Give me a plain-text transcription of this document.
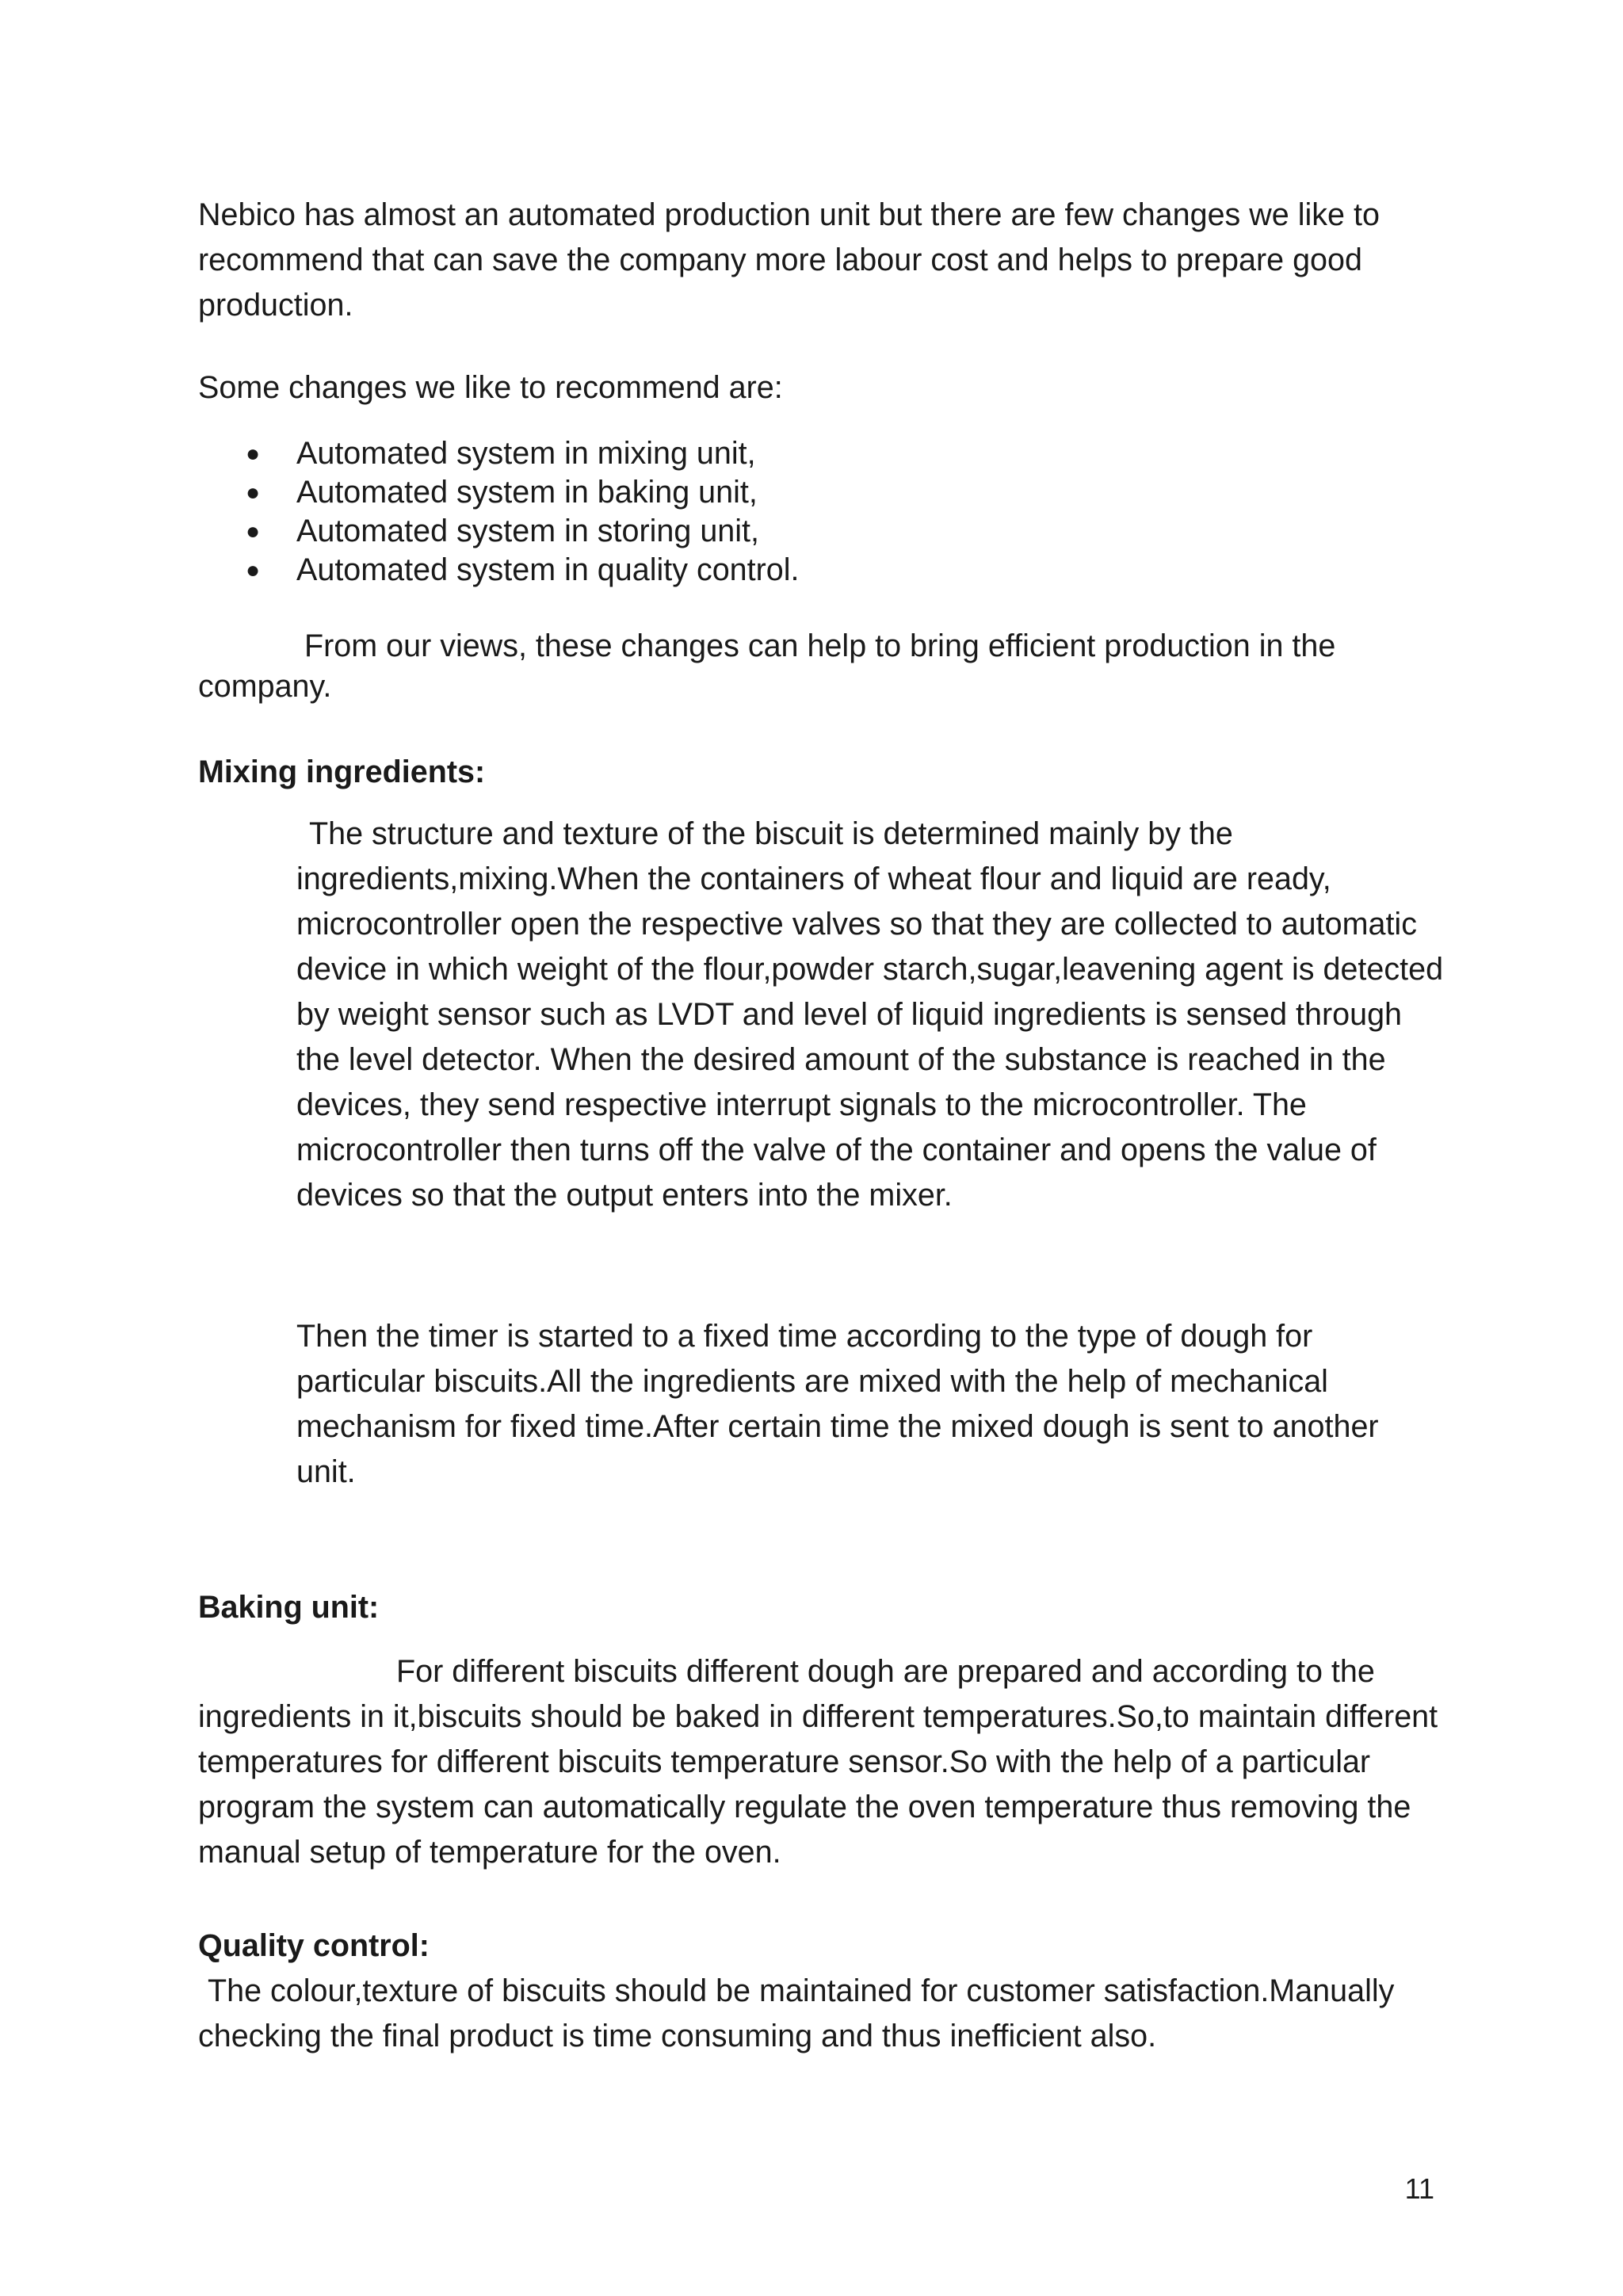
Nebico has almost an automated production unit but there are few changes we like to recommend that can save the company more labour cost and helps to prepare good production.

Some changes we like to recommend are:

● Automated system in mixing unit,
● Automated system in baking unit,
● Automated system in storing unit,
● Automated system in quality control.

From our views, these changes can help to bring efficient production in the company.

Mixing ingredients:

The structure and texture of the biscuit is determined mainly by the ingredients,mixing.When the containers of wheat flour and liquid are ready, microcontroller open the respective valves so that they are collected to automatic device in which weight of the flour,powder starch,sugar,leavening agent is detected by weight sensor such as LVDT and level of liquid ingredients is sensed through the level detector. When the desired amount of the substance is reached in the devices, they send respective interrupt signals to the microcontroller. The microcontroller then turns off the valve of the container and opens the value of devices so that the output enters into the mixer.

Then the timer is started to a fixed time according to the type of dough for particular biscuits.All the ingredients are mixed with the help of mechanical mechanism for fixed time.After certain time the mixed dough is sent to another unit.

Baking unit:

For different biscuits different dough are prepared and according to the ingredients in it,biscuits should be baked in different temperatures.So,to maintain different temperatures for different biscuits temperature sensor.So with the help of a particular program the system can automatically regulate the oven temperature thus removing the manual setup of temperature for the oven.

Quality control:

The colour,texture of biscuits should be maintained for customer satisfaction.Manually checking the final product is time consuming and thus inefficient also.

11
